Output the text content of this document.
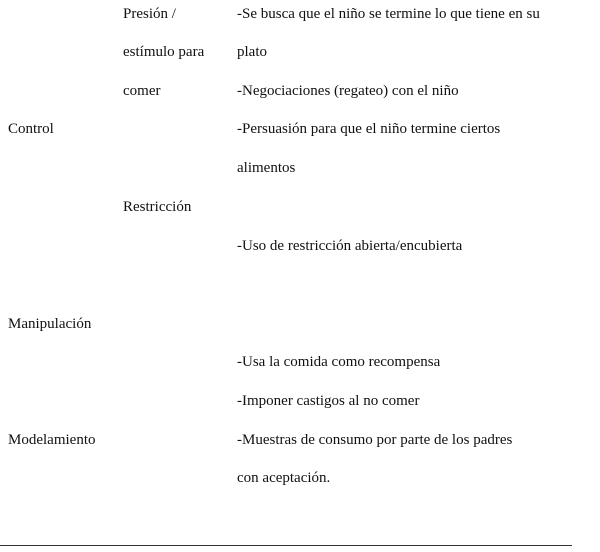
Control
Manipulación
Modelamiento
Presión /
estímulo para
comer
Restricción
-Se busca que el niño se termine lo que tiene en su
plato
-Negociaciones (regateo) con el niño
-Persuasión para que el niño termine ciertos
alimentos
-Uso de restricción abierta/encubierta
-Usa la comida como recompensa
-Imponer castigos al no comer
-Muestras de consumo por parte de los padres
con aceptación.
